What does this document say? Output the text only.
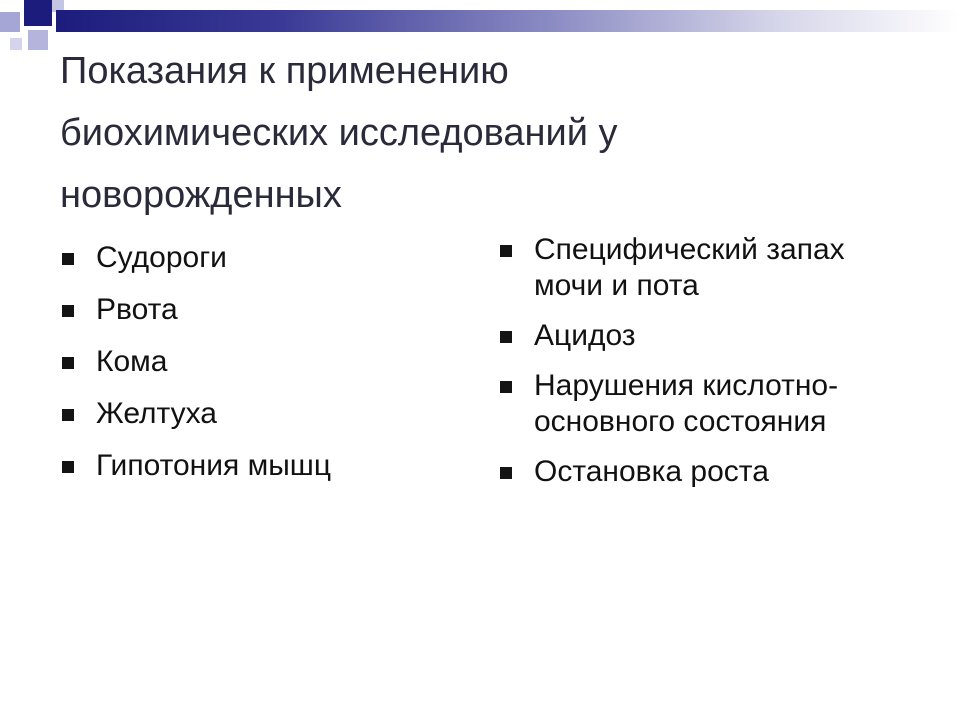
Показания к применению
биохимических исследований у
новорожденных
Судороги
Рвота
Кома
Желтуха
Гипотония мышц
Специфический запах мочи и пота
Ацидоз
Нарушения кислотно-основного состояния
Остановка роста
